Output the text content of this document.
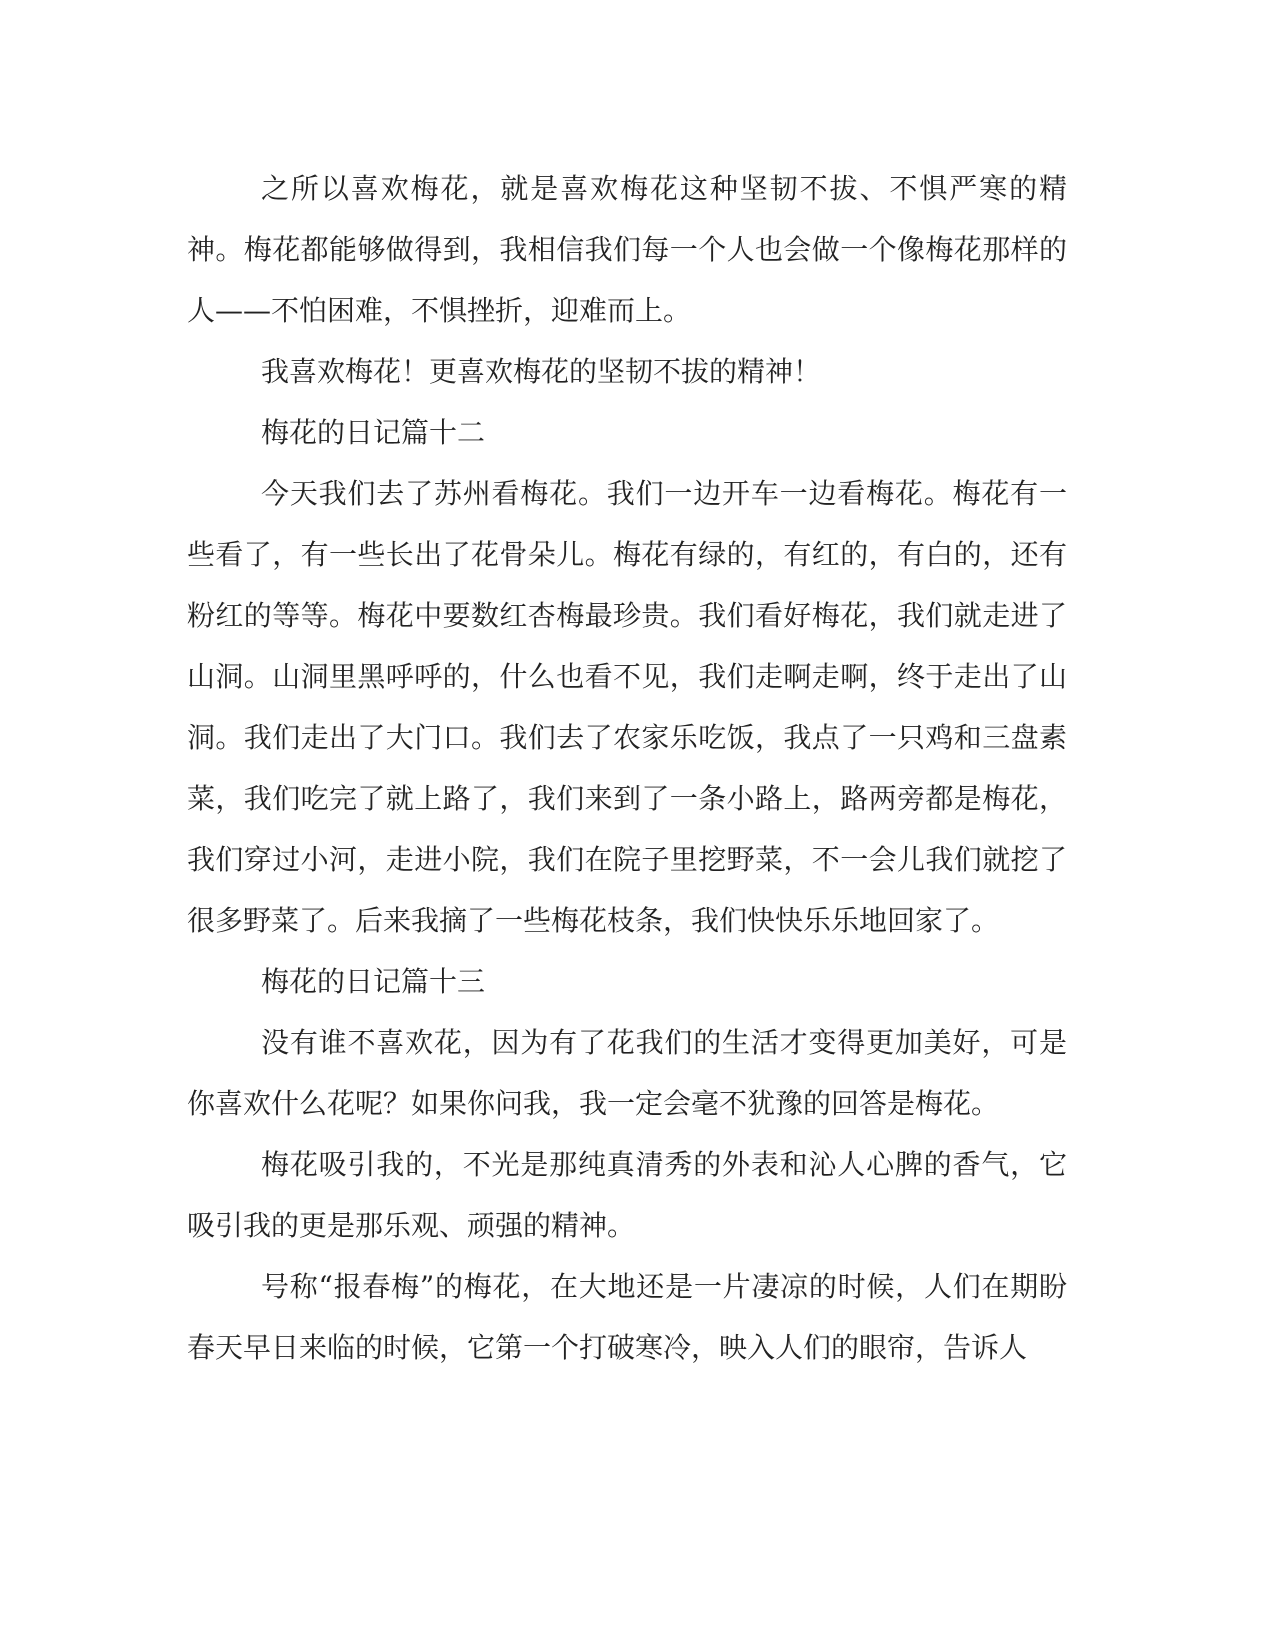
之所以喜欢梅花，就是喜欢梅花这种坚韧不拔、不惧严寒的精神。梅花都能够做得到，我相信我们每一个人也会做一个像梅花那样的人——不怕困难，不惧挫折，迎难而上。

我喜欢梅花！更喜欢梅花的坚韧不拔的精神！

梅花的日记篇十二

今天我们去了苏州看梅花。我们一边开车一边看梅花。梅花有一些看了，有一些长出了花骨朵儿。梅花有绿的，有红的，有白的，还有粉红的等等。梅花中要数红杏梅最珍贵。我们看好梅花，我们就走进了山洞。山洞里黑呼呼的，什么也看不见，我们走啊走啊，终于走出了山洞。我们走出了大门口。我们去了农家乐吃饭，我点了一只鸡和三盘素菜，我们吃完了就上路了，我们来到了一条小路上，路两旁都是梅花，我们穿过小河，走进小院，我们在院子里挖野菜，不一会儿我们就挖了很多野菜了。后来我摘了一些梅花枝条，我们快快乐乐地回家了。

梅花的日记篇十三

没有谁不喜欢花，因为有了花我们的生活才变得更加美好，可是你喜欢什么花呢？如果你问我，我一定会毫不犹豫的回答是梅花。

梅花吸引我的，不光是那纯真清秀的外表和沁人心脾的香气，它吸引我的更是那乐观、顽强的精神。

号称“报春梅”的梅花，在大地还是一片凄凉的时候，人们在期盼春天早日来临的时候，它第一个打破寒冷，映入人们的眼帘，告诉人
